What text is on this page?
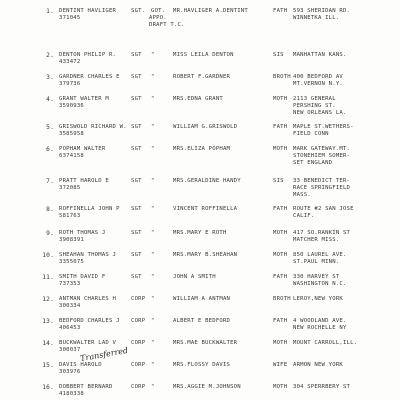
1. DENTINT HAVLIGER
371045
SGT. GOT.
APPO.
DRAFT T.C.
MR.HAVLIGER A.DENTINT	FATH 593 SHERIDAN RD.
WINNETKA ILL.
2. DENTON PHILIP R.
433472
SGT "	MISS LEILA DENTON	SIS MANHATTAN KANS.
3. GARDNER CHARLES E
379736
SGT "	ROBERT F.GARDNER	BROTH 400 BEDFORD AV
MT.VERNON N.Y.
4. GRANT WALTER M
3590936
SGT "	MRS.EDNA GRANT	MOTH 2113 GENERAL
PERSHING ST.
NEW ORLEANS LA.
5. GRISWOLD RICHARD W.
3585958
SGT "	WILLIAM G.GRISWOLD	FATH MAPLE ST.WETHERS-
FIELD CONN
6. POPHAM WALTER
6374158
SGT "	MRS.ELIZA POPHAM	MOTH MARK GATEWAY.MT.
STONEHIEM SOMER-
SET ENGLAND
7. PRATT HAROLD E
372085
SGT "	MRS.GERALDINE HANDY	SIS 33 BENEDICT TER-
RACE SPRINGFIELD
MASS.
8. ROFFINELLA JOHN P
581763
SGT "	VINCENT ROFFINELLA	FATH ROUTE #2 SAN JOSE
CALIF.
9. ROTH THOMAS J
3908391
SGT "	MRS.MARY E ROTH	MOTH 417 SO.RANKIN ST
MATCHER MISS.
10. SHEAHAN THOMAS J
3355075
SGT "	MRS.MARY B.SHEAHAN	MOTH 850 LAUREL AVE.
ST.PAUL MINN.
11. SMITH DAVID F
737353
SGT "	JOHN A SMITH	FATH 330 HARVEY ST
WASHINGTON N.C.
12. ANTMAN CHARLES H
300334
CORP "	WILLIAM A ANTMAN	BROTH LEROY,NEW YORK
13. BEDFORD CHARLES J
406453
CORP "	ALBERT E BEDFORD	FATH 4 WOODLAND AVE.
NEW ROCHELLE NY
14. BUCKWALTER LAD V
300037
CORP "	MRS.MAE BUCKWALTER	MOTH MOUNT CARROLL,ILL.
15. DAVIS HAROLD
303976
CORP "	MRS.FLOSSY DAVIS	WIFE ARMON NEW YORK
16. DOBBERT BERNARD
4180338
CORP "	MRS.AGGIE M.JOHNSON	MOTH 304 SPERRBERY ST
Transferred
